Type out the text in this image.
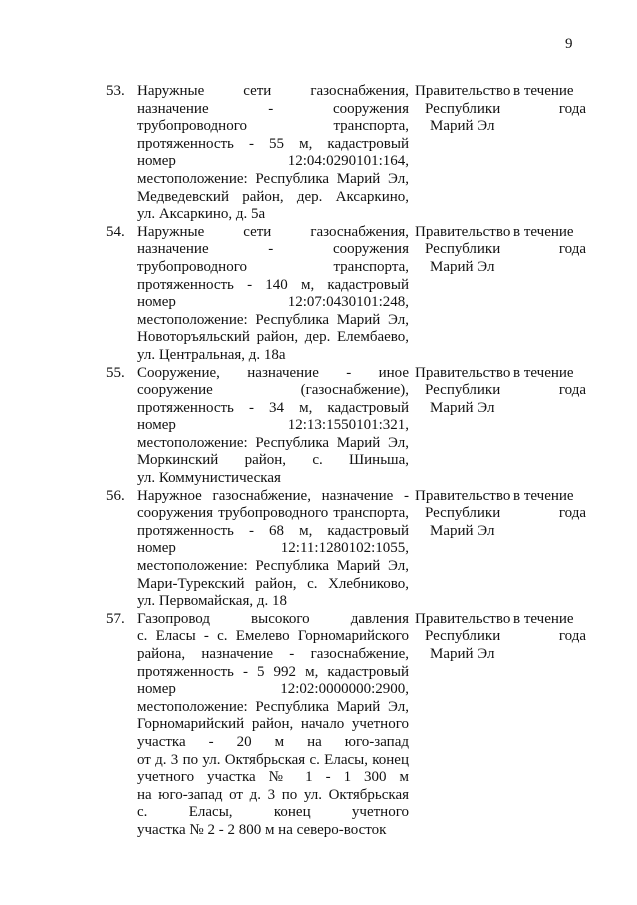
9
53. Наружные сети газоснабжения,
назначение - сооружения
трубопроводного транспорта,
протяженность - 55 м, кадастровый
номер 12:04:0290101:164,
местоположение: Республика Марий Эл,
Медведевский район, дер. Аксаркино,
ул. Аксаркино, д. 5а
Правительство
Республики
Марий Эл
в течение
года
54. Наружные сети газоснабжения,
назначение - сооружения
трубопроводного транспорта,
протяженность - 140 м, кадастровый
номер 12:07:0430101:248,
местоположение: Республика Марий Эл,
Новоторъяльский район, дер. Елембаево,
ул. Центральная, д. 18а
Правительство
Республики
Марий Эл
в течение
года
55. Сооружение, назначение - иное
сооружение (газоснабжение),
протяженность - 34 м, кадастровый
номер 12:13:1550101:321,
местоположение: Республика Марий Эл,
Моркинский район, с. Шиньша,
ул. Коммунистическая
Правительство
Республики
Марий Эл
в течение
года
56. Наружное газоснабжение, назначение -
сооружения трубопроводного транспорта,
протяженность - 68 м, кадастровый
номер 12:11:1280102:1055,
местоположение: Республика Марий Эл,
Мари-Турекский район, с. Хлебниково,
ул. Первомайская, д. 18
Правительство
Республики
Марий Эл
в течение
года
57. Газопровод высокого давления
с. Еласы - с. Емелево Горномарийского
района, назначение - газоснабжение,
протяженность - 5 992 м, кадастровый
номер 12:02:0000000:2900,
местоположение: Республика Марий Эл,
Горномарийский район, начало учетного
участка - 20 м на юго-запад
от д. 3 по ул. Октябрьская с. Еласы, конец
учетного участка № 1 - 1 300 м
на юго-запад от д. 3 по ул. Октябрьская
с. Еласы, конец учетного
участка № 2 - 2 800 м на северо-восток
Правительство
Республики
Марий Эл
в течение
года
